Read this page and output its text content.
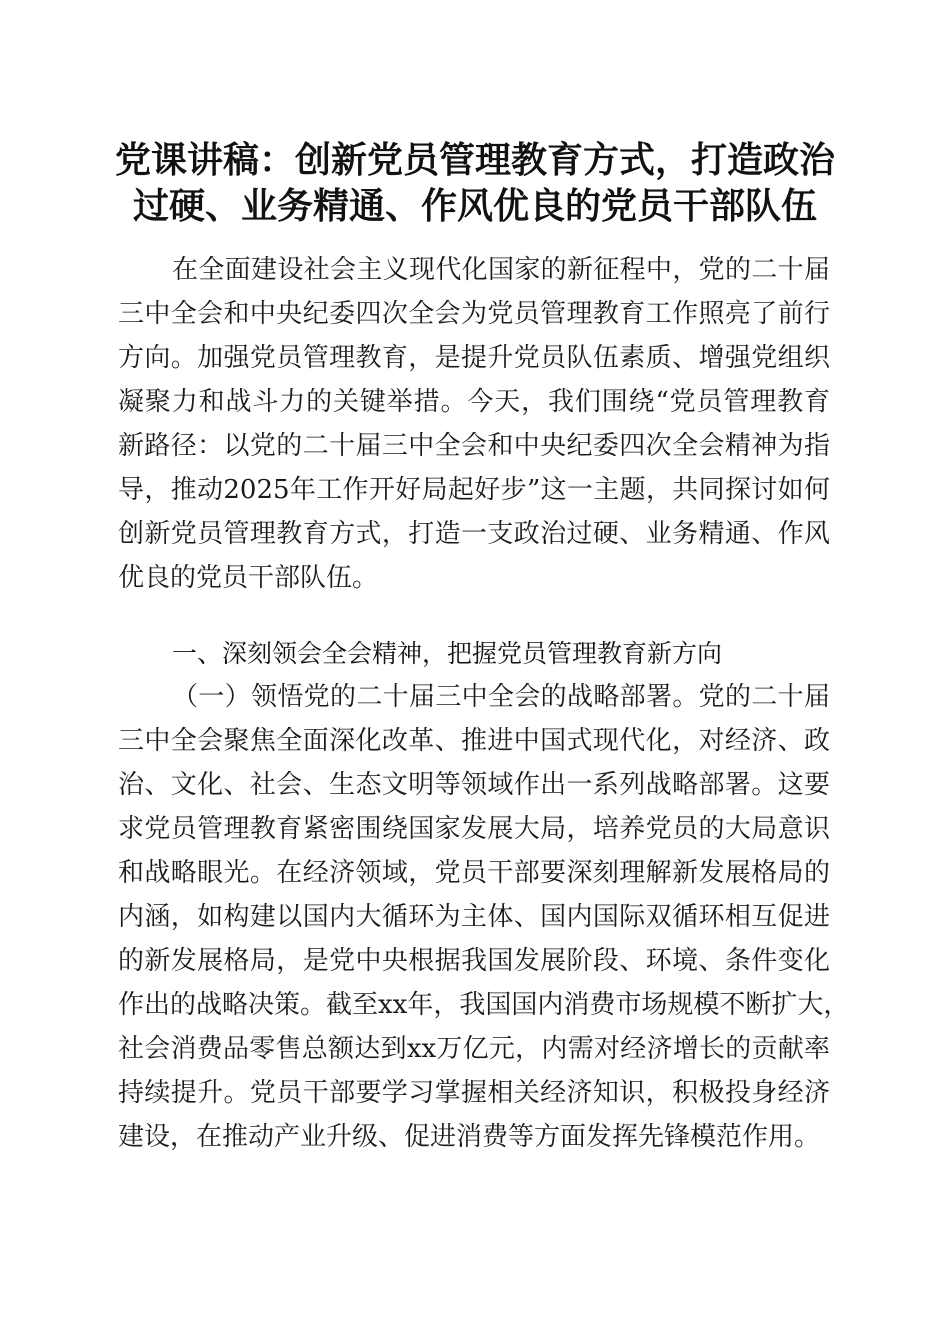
党课讲稿：创新党员管理教育方式，打造政治
过硬、业务精通、作风优良的党员干部队伍
在全面建设社会主义现代化国家的新征程中，党的二十届
三中全会和中央纪委四次全会为党员管理教育工作照亮了前行
方向。加强党员管理教育，是提升党员队伍素质、增强党组织
凝聚力和战斗力的关键举措。今天，我们围绕“党员管理教育
新路径：以党的二十届三中全会和中央纪委四次全会精神为指
导，推动2025年工作开好局起好步”这一主题，共同探讨如何
创新党员管理教育方式，打造一支政治过硬、业务精通、作风
优良的党员干部队伍。
一、深刻领会全会精神，把握党员管理教育新方向
（一）领悟党的二十届三中全会的战略部署。党的二十届
三中全会聚焦全面深化改革、推进中国式现代化，对经济、政
治、文化、社会、生态文明等领域作出一系列战略部署。这要
求党员管理教育紧密围绕国家发展大局，培养党员的大局意识
和战略眼光。在经济领域，党员干部要深刻理解新发展格局的
内涵，如构建以国内大循环为主体、国内国际双循环相互促进
的新发展格局，是党中央根据我国发展阶段、环境、条件变化
作出的战略决策。截至xx年，我国国内消费市场规模不断扩大，
社会消费品零售总额达到xx万亿元，内需对经济增长的贡献率
持续提升。党员干部要学习掌握相关经济知识，积极投身经济
建设，在推动产业升级、促进消费等方面发挥先锋模范作用。
